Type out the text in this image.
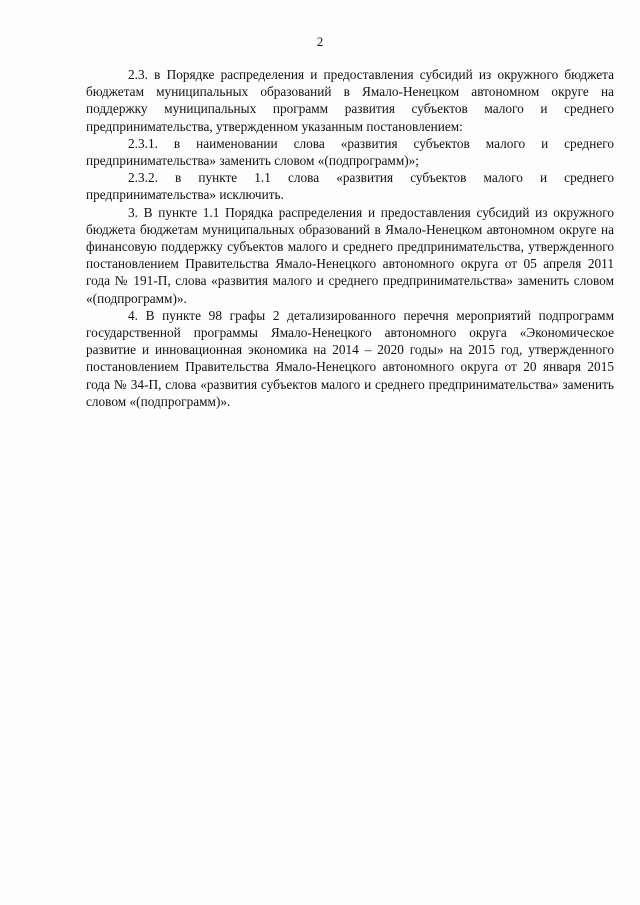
2

2.3. в Порядке распределения и предоставления субсидий из окружного бюджета бюджетам муниципальных образований в Ямало-Ненецком автономном округе на поддержку муниципальных программ развития субъектов малого и среднего предпринимательства, утвержденном указанным постановлением:

2.3.1. в наименовании слова «развития субъектов малого и среднего предпринимательства» заменить словом «(подпрограмм)»;

2.3.2. в пункте 1.1 слова «развития субъектов малого и среднего предпринимательства» исключить.

3. В пункте 1.1 Порядка распределения и предоставления субсидий из окружного бюджета бюджетам муниципальных образований в Ямало-Ненецком автономном округе на финансовую поддержку субъектов малого и среднего предпринимательства, утвержденного постановлением Правительства Ямало-Ненецкого автономного округа от 05 апреля 2011 года № 191-П, слова «развития малого и среднего предпринимательства» заменить словом «(подпрограмм)».

4. В пункте 98 графы 2 детализированного перечня мероприятий подпрограмм государственной программы Ямало-Ненецкого автономного округа «Экономическое развитие и инновационная экономика на 2014 – 2020 годы» на 2015 год, утвержденного постановлением Правительства Ямало-Ненецкого автономного округа от 20 января 2015 года № 34-П, слова «развития субъектов малого и среднего предпринимательства» заменить словом «(подпрограмм)».
